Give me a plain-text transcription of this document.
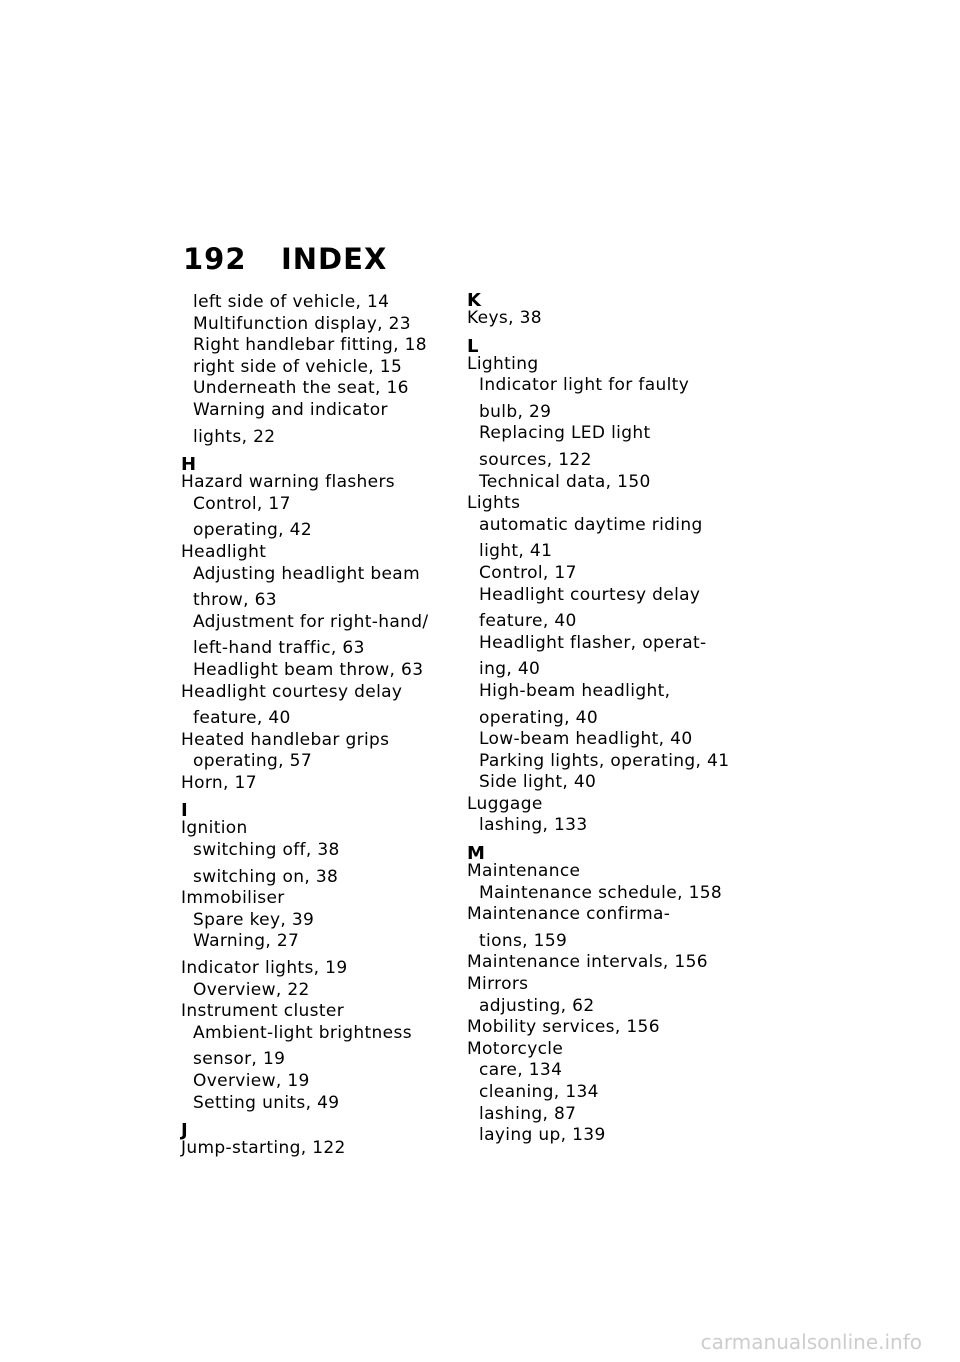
192 INDEX
left side of vehicle, 14
Multifunction display, 23
Right handlebar fitting, 18
right side of vehicle, 15
Underneath the seat, 16
Warning and indicator
lights, 22
H
Hazard warning flashers
Control, 17
operating, 42
Headlight
Adjusting headlight beam
throw, 63
Adjustment for right-hand/
left-hand traffic, 63
Headlight beam throw, 63
Headlight courtesy delay
feature, 40
Heated handlebar grips
operating, 57
Horn, 17
I
Ignition
switching off, 38
switching on, 38
Immobiliser
Spare key, 39
Warning, 27
Indicator lights, 19
Overview, 22
Instrument cluster
Ambient-light brightness
sensor, 19
Overview, 19
Setting units, 49
J
Jump-starting, 122
K
Keys, 38
L
Lighting
Indicator light for faulty
bulb, 29
Replacing LED light
sources, 122
Technical data, 150
Lights
automatic daytime riding
light, 41
Control, 17
Headlight courtesy delay
feature, 40
Headlight flasher, operat-
ing, 40
High-beam headlight,
operating, 40
Low-beam headlight, 40
Parking lights, operating, 41
Side light, 40
Luggage
lashing, 133
M
Maintenance
Maintenance schedule, 158
Maintenance confirma-
tions, 159
Maintenance intervals, 156
Mirrors
adjusting, 62
Mobility services, 156
Motorcycle
care, 134
cleaning, 134
lashing, 87
laying up, 139
carmanualsonline.info
